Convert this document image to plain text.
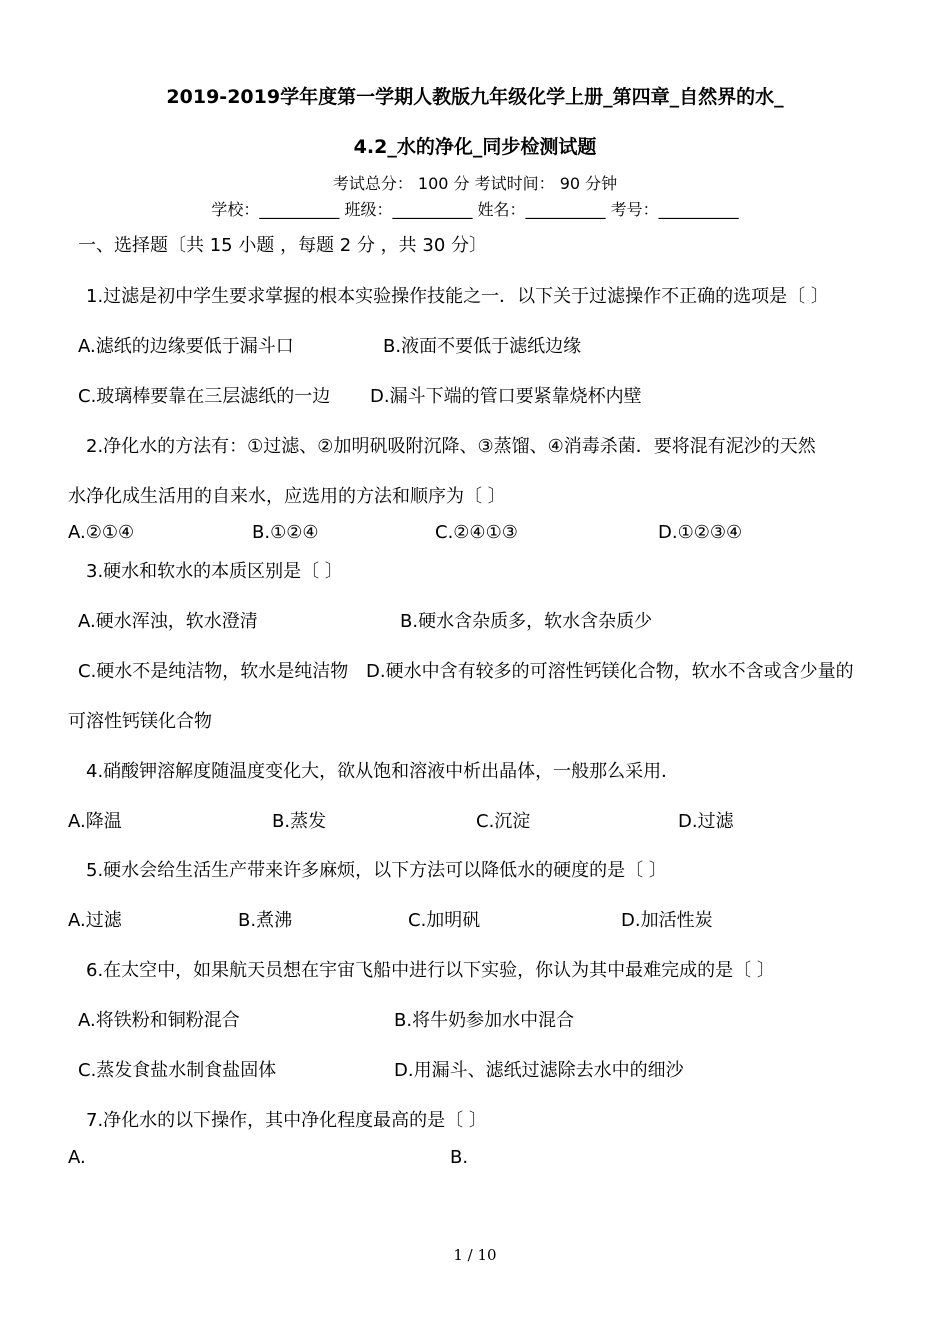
2019-2019学年度第一学期人教版九年级化学上册_第四章_自然界的水_
4.2_水的净化_同步检测试题
考试总分： 100 分 考试时间： 90 分钟
学校：__________ 班级：__________ 姓名：__________ 考号：__________
一、选择题〔共 15 小题 ，每题 2 分 ，共 30 分〕
1.过滤是初中学生要求掌握的根本实验操作技能之一．以下关于过滤操作不正确的选项是〔 〕
A.滤纸的边缘要低于漏斗口	B.液面不要低于滤纸边缘
C.玻璃棒要靠在三层滤纸的一边 D.漏斗下端的管口要紧靠烧杯内壁
2.净化水的方法有：①过滤、②加明矾吸附沉降、③蒸馏、④消毒杀菌．要将混有泥沙的天然
水净化成生活用的自来水，应选用的方法和顺序为〔 〕
A.②①④	B.①②④	C.②④①③	D.①②③④
3.硬水和软水的本质区别是〔 〕
A.硬水浑浊，软水澄清	B.硬水含杂质多，软水含杂质少
C.硬水不是纯洁物，软水是纯洁物 D.硬水中含有较多的可溶性钙镁化合物，软水不含或含少量的
可溶性钙镁化合物
4.硝酸钾溶解度随温度变化大，欲从饱和溶液中析出晶体，一般那么采用．
A.降温	B.蒸发	C.沉淀	D.过滤
5.硬水会给生活生产带来许多麻烦，以下方法可以降低水的硬度的是〔 〕
A.过滤	B.煮沸	C.加明矾	D.加活性炭
6.在太空中，如果航天员想在宇宙飞船中进行以下实验，你认为其中最难完成的是〔 〕
A.将铁粉和铜粉混合	B.将牛奶参加水中混合
C.蒸发食盐水制食盐固体	D.用漏斗、滤纸过滤除去水中的细沙
7.净化水的以下操作，其中净化程度最高的是〔 〕
A.	B.
1 / 10
